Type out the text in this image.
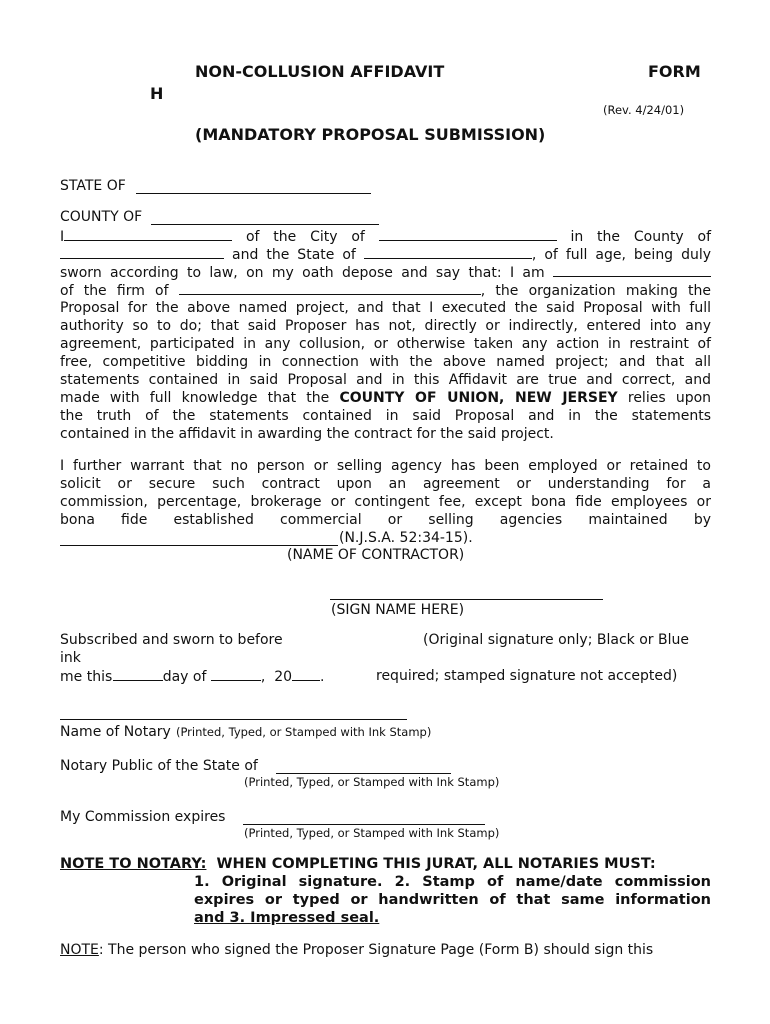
NON-COLLUSION AFFIDAVIT	FORM
H
(Rev. 4/24/01)
(MANDATORY PROPOSAL SUBMISSION)
STATE OF
COUNTY OF
I	of the City of	in the County of
and the State of	, of full age, being duly
sworn according to law, on my oath depose and say that: I am
of the firm of	, the organization making the
Proposal for the above named project, and that I executed the said Proposal with full
authority so to do; that said Proposer has not, directly or indirectly, entered into any
agreement, participated in any collusion, or otherwise taken any action in restraint of
free, competitive bidding in connection with the above named project; and that all
statements contained in said Proposal and in this Affidavit are true and correct, and
made with full knowledge that the COUNTY OF UNION, NEW JERSEY relies upon
the truth of the statements contained in said Proposal and in the statements
contained in the affidavit in awarding the contract for the said project.
I further warrant that no person or selling agency has been employed or retained to
solicit or secure such contract upon an agreement or understanding for a
commission, percentage, brokerage or contingent fee, except bona fide employees or
bona fide established commercial or selling agencies maintained by
(N.J.S.A. 52:34-15).
(NAME OF CONTRACTOR)
(SIGN NAME HERE)
Subscribed and sworn to before	(Original signature only; Black or Blue
ink
me this	day of	, 20 .	required; stamped signature not accepted)
Name of Notary (Printed, Typed, or Stamped with Ink Stamp)
Notary Public of the State of
(Printed, Typed, or Stamped with Ink Stamp)
My Commission expires
(Printed, Typed, or Stamped with Ink Stamp)
NOTE TO NOTARY: WHEN COMPLETING THIS JURAT, ALL NOTARIES MUST:
1. Original signature. 2. Stamp of name/date commission
expires or typed or handwritten of that same information
and 3. Impressed seal.
NOTE: The person who signed the Proposer Signature Page (Form B) should sign this
